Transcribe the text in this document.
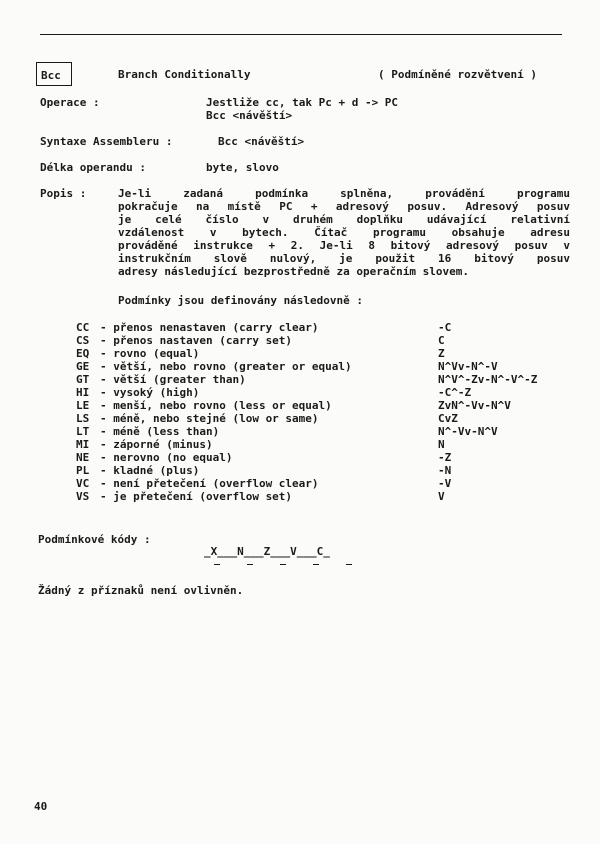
Bcc	Branch Conditionally	( Podmíněné rozvětvení )
Operace :	Jestliže cc, tak Pc + d -> PC
Bcc <návěští>
Syntaxe Assembleru :	Bcc <návěští>
Délka operandu :	byte, slovo
Popis :	Je-li zadaná podmínka splněna, provádění programu
pokračuje na místě PC + adresový posuv. Adresový posuv
je celé číslo v druhém doplňku udávající relativní
vzdálenost v bytech. Čítač programu obsahuje adresu
prováděné instrukce + 2. Je-li 8 bitový adresový posuv v
instrukčním slově nulový, je použit 16 bitový posuv
adresy následující bezprostředně za operačním slovem.
Podmínky jsou definovány následovně :
CC - přenos nenastaven (carry clear)	-C
CS - přenos nastaven (carry set)	C
EQ - rovno (equal)	Z
GE - větší, nebo rovno (greater or equal)	N^Vv-N^-V
GT - větší (greater than)	N^V^-Zv-N^-V^-Z
HI - vysoký (high)	-C^-Z
LE - menší, nebo rovno (less or equal)	ZvN^-Vv-N^V
LS - méně, nebo stejné (low or same)	CvZ
LT - méně (less than)	N^-Vv-N^V
MI - záporné (minus)	N
NE - nerovno (no equal)	-Z
PL - kladné (plus)	-N
VC - není přetečení (overflow clear)	-V
VS - je přetečení (overflow set)	V
Podmínkové kódy :
_X___N___Z___V___C_
Žádný z příznaků není ovlivněn.
40
